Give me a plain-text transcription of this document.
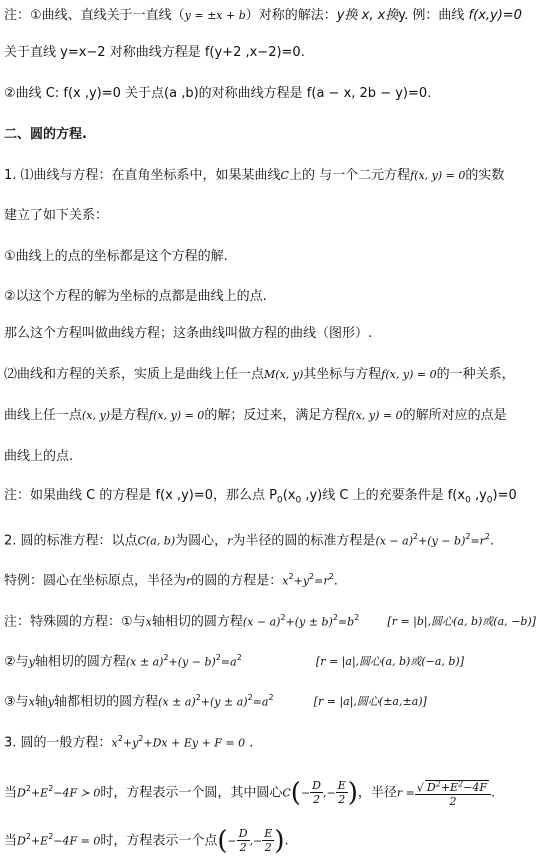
注：①曲线、直线关于一直线（y = ±x + b）对称的解法：y换 x, x换y. 例：曲线 f(x,y)=0
关于直线 y=x−2 对称曲线方程是 f(y+2 ,x−2)=0.
②曲线 C: f(x ,y)=0 关于点(a ,b)的对称曲线方程是 f(a − x, 2b − y)=0.
二、圆的方程.
1. ⑴曲线与方程：在直角坐标系中，如果某曲线C上的 与一个二元方程f(x, y) = 0的实数
建立了如下关系：
①曲线上的点的坐标都是这个方程的解.
②以这个方程的解为坐标的点都是曲线上的点.
那么这个方程叫做曲线方程；这条曲线叫做方程的曲线（图形）.
⑵曲线和方程的关系，实质上是曲线上任一点M(x, y)其坐标与方程f(x, y) = 0的一种关系，
曲线上任一点(x, y)是方程f(x, y) = 0的解；反过来，满足方程f(x, y) = 0的解所对应的点是
曲线上的点.
注：如果曲线 C 的方程是 f(x ,y)=0，那么点 $P_0(x_0$ ,y)线 C 上的充要条件是 $f(x_0$ $,y_0)=0$
2. 圆的标准方程：以点C(a, b)为圆心，r为半径的圆的标准方程是$(x - a)^2+(y - b)^2=r^2$.
特例：圆心在坐标原点，半径为r的圆的方程是：$x^2+y^2=r^2$.
注：特殊圆的方程：①与x轴相切的圆方程$(x - a)^2+(y \pm b)^2=b^2$	[r = |b|,圆心(a, b)或(a, −b)]
②与y轴相切的圆方程$(x \pm a)^2+(y - b)^2=a^2$	[r = |a|,圆心(a, b)或(−a, b)]
③与x轴y轴都相切的圆方程$(x \pm a)^2+(y \pm a)^2=a^2$	[r = |a|,圆心(±a,±a)]
3. 圆的一般方程：$x^2+y^2+Dx + Ey + F = 0$ .
当$D^2+E^2-4F$ ≻ 0时，方程表示一个圆，其中圆心$C(- \frac{D}{2}$ ,− $\frac{E}{2}$ )，半径$r = \frac{√ D^2+E^2-4F}{2}$ .
当$D^2+E^2-4F = 0$时，方程表示一个点(− $\frac{D}{2}$ ,− $\frac{E}{2}$ ).
